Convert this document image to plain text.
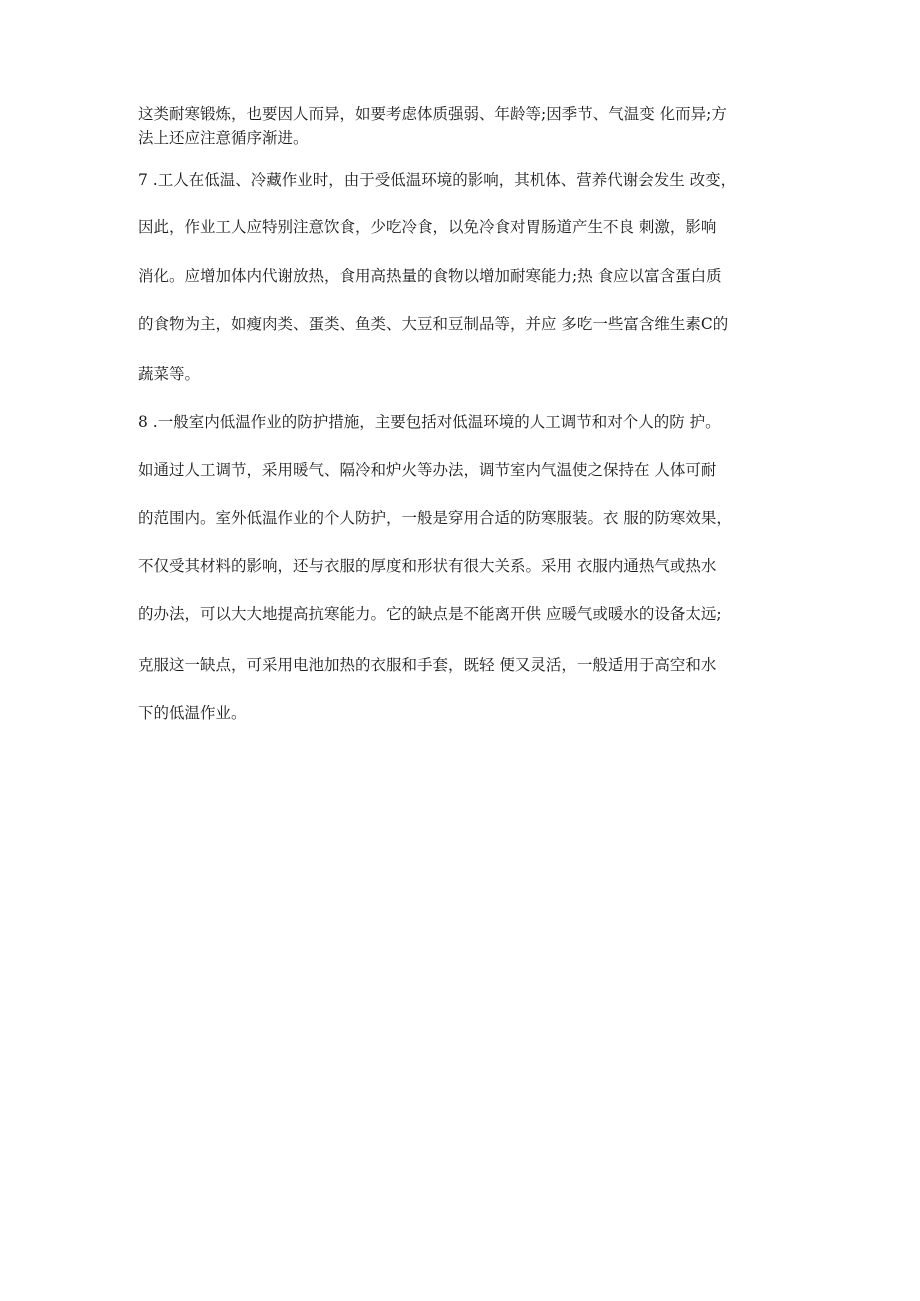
这类耐寒锻炼，也要因人而异，如要考虑体质强弱、年龄等;因季节、气温变 化而异;方
法上还应注意循序渐进。
7 .工人在低温、冷藏作业时，由于受低温环境的影响，其机体、营养代谢会发生 改变，
因此，作业工人应特别注意饮食，少吃冷食，以免冷食对胃肠道产生不良 刺激，影响
消化。应增加体内代谢放热，食用高热量的食物以增加耐寒能力;热 食应以富含蛋白质
的食物为主，如瘦肉类、蛋类、鱼类、大豆和豆制品等，并应 多吃一些富含维生素C的
蔬菜等。
8 .一般室内低温作业的防护措施，主要包括对低温环境的人工调节和对个人的防 护。
如通过人工调节，采用暖气、隔冷和炉火等办法，调节室内气温使之保持在 人体可耐
的范围内。室外低温作业的个人防护，一般是穿用合适的防寒服装。衣 服的防寒效果，
不仅受其材料的影响，还与衣服的厚度和形状有很大关系。采用 衣服内通热气或热水
的办法，可以大大地提高抗寒能力。它的缺点是不能离开供 应暖气或暖水的设备太远;
克服这一缺点，可采用电池加热的衣服和手套，既轻 便又灵活，一般适用于高空和水
下的低温作业。
